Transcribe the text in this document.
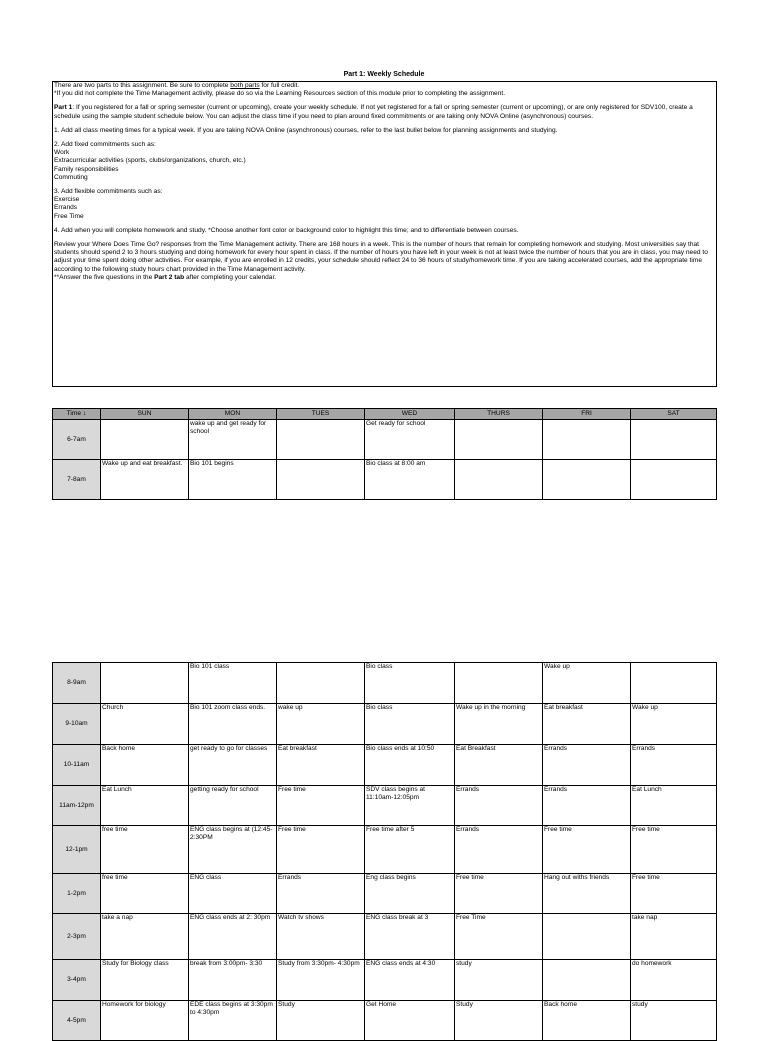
Part 1: Weekly Schedule

There are two parts to this assignment. Be sure to complete both parts for full credit.

*If you did not complete the Time Management activity, please do so via the Learning Resources section of this module prior to completing the assignment.

Part 1: If you registered for a fall or spring semester (current or upcoming), create your weekly schedule. If not yet registered for a fall or spring semester (current or upcoming), or are only registered for SDV100, create a schedule using the sample student schedule below. You can adjust the class time if you need to plan around fixed commitments or are taking only NOVA Online (asynchronous) courses.

1. Add all class meeting times for a typical week. If you are taking NOVA Online (asynchronous) courses, refer to the last bullet below for planning assignments and studying.

2. Add fixed commitments such as:

Work

Extracurricular activities (sports, clubs/organizations, church, etc.)

Family responsibilities

Commuting

3. Add flexible commitments such as:

Exercise

Errands

Free Time

4. Add when you will complete homework and study. *Choose another font color or background color to highlight this time; and to differentiate between courses.

Review your Where Does Time Go? responses from the Time Management activity. There are 168 hours in a week. This is the number of hours that remain for completing homework and studying. Most universities say that students should spend 2 to 3 hours studying and doing homework for every hour spent in class. If the number of hours you have left in your week is not at least twice the number of hours that you are in class, you may need to adjust your time spent doing other activities. For example, if you are enrolled in 12 credits, your schedule should reflect 24 to 36 hours of study/homework time. If you are taking accelerated courses, add the appropriate time according to the following study hours chart provided in the Time Management activity.

**Answer the five questions in the Part 2 tab after completing your calendar.

Time ↓	SUN	MON	TUES	WED	THURS	FRI	SAT
6-7am		wake up and get ready for school		Get ready for school			
7-8am	Wake up and eat breakfast.	Bio 101 begins		Bio class at 8:00 am			
8-9am		Bio 101 class		Bio class		Wake up	
9-10am	Church	Bio 101 zoom class ends.	wake up	Bio class	Wake up in the morning	Eat breakfast	Wake up
10-11am	Back home	get ready to go for classes	Eat breakfast	Bio class ends at 10:50	Eat Breakfast	Errands	Errands
11am-12pm	Eat Lunch	getting ready for school	Free time	SDV class begins at 11:10am-12:05pm	Errands	Errands	Eat Lunch
12-1pm	free time	ENG class begins at (12:45-2:30PM	Free time	Free time after 5	Errands	Free time	Free time
1-2pm	free time	ENG class	Errands	Eng class begins	Free time	Hang out withs friends	Free time
2-3pm	take a nap	ENG class ends at 2: 30pm	Watch tv shows	ENG class break at 3	Free Time		take nap
3-4pm	Study for Biology class	break from 3:00pm- 3:30	Study from 3:30pm- 4:30pm	ENG class ends at 4:30	study		do homework
4-5pm	Homework for biology	EDE class begins at 3:30pm to 4:30pm	Study	Get Home	Study	Back home	study
